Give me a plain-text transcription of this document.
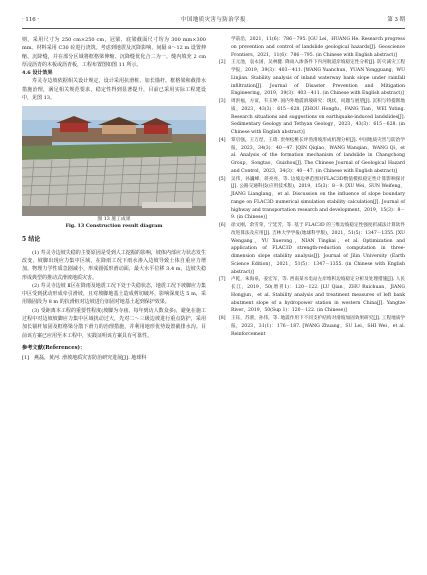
· 116 ·	中国地质灾害与防治学报	第 3 期

则，采用尺寸为 250 cm×250 cm，冠梁、底梁截面尺寸均为 300 mm×300 mm。材料采用 C30 砼进行浇筑。考虑到地震及沉降影响，间隔 8～12 m 设置伸缩、沉降缝，并在部分区域将框格梁伸缩、沉降缝优化合二为一，缝内填充 2 cm 厚浸沥青的木板或沥青板，工程布置图如图 11 所示。

4.6 设计效果

寿灵寺边坡依据相关设计规定，设计采用抗滑桩、加长锚杆、框格梁和截排水措施治理，满足相关规范要求，稳定性得到显著提升，目前已采用实际工程建设中，见图 13。

图 13 施工成果
Fig. 13 Construction result diagram

5 结论

(1) 寿灵寺边坡失稳的主要原因是受到人工挖掘的影响，坡体内部应力状态发生改变，坡脚出现应力集中区域，在降雨工况下雨水渗入边坡导致土体自重应力增加，物理力学性质急剧减小，形成圆弧形滑动面，最大水平位移 3.4 m，边坡失稳形成典型的推动式滑坡地质灾害。

(2) 寿灵寺边坡 Ⅱ区在降雨及地震工况下处于失稳状态，地震工况下坡脚应力集中区受到扰动形成牵引滑坡，且对坡脚地基土造成剪切破坏，影响深度达 5 m，采用锚固段为 8 m 的抗滑桩对边坡进行加固对地基土起到保护效果。

(3) 受距离本工程的重要性程度(坡脚为寺庙，每年到访人数众多)，避免在施工过程中对边坡坡脚应力集中区域扰动过大，先对二～三级边坡进行重点防护，采用加长锚杆加固及框格梁分散下滑力的治理措施，并利用地形优势设置截排水沟。目前该方案已应用至本工程中，实践证明该方案具有可靠性。

参考文献(References)：

[1] 燕磊，黄河. 滑坡地质灾害防治研究进展[J]. 地球科
学前沿，2021，11(6)：786－795. [GU Lei，HUANG He. Research progress on prevention and control of landslide geological hazards[J]. Geoscience Frontiers，2021，11(6)：786－795. (in Chinese with English abstract)]
[2]	王元池，袁永国，吴林健. 降雨入渗条件下内河航道岸坡稳定性分析[J]. 防灾减灾工程学报，2019，39(3)：403－411. [WANG Yuanchun，YUAN Yongguang，WU Linjian. Stability analysis of inland waterway bank slope under rainfall infiltration[J]. Journal of Disaster Prevention and Mitigation Engineering，2019，39(3)：403－411. (in Chinese with English abstract)]
[3]	周洪福，方谊，韦玉婷. 国内外地震滑坡研究：现状、问题与展望[J]. 沉积与特提斯地质，2023，43(3)：615－628. [ZHOU Hongfu，FANG Tian，WEI Yuting. Research situations and suggestions on earthquake-induced landslides[J]. Sedimentary Geology and Tethyan Geology，2023，43(3)：615－628. (in Chinese with English abstract)]
[4]	覃启强，王万涅，王琦. 贵州松桃长坪湾滑坡形成机理分析[J]. 中国地质灾害与防治学报，2023，34(3)：40－47. [QIN Qiqiao，WANG Wanqian，WANG Qi，et al. Analysis of the formation mechanism of landslide in Changchong Group，Songtao，Guizhou[J]. The Chinese Journal of Geological Hazard and Control，2023，34(3)：40－47. (in Chinese with English abstract)]
[5]	吴伟，孙巍峰，蒋亮亮，等. 边坡边界范围对FLAC3D数值模拟稳定性计算影响探讨[J]. 公路交通科技(应用技术版)，2019，15(3)：8－9. [XU Wei，SUN Weifeng，JIANG Lianglang，et al. Discussion on the influence of slope boundary range on FLAC3D numerical simulation stability calculation[J]. Journal of highway and transportation research and development，2019，15(3)：8－9. (in Chinese)]
[6]	徐文刚，余雪荣，宁廷芳，等. 基于 FLAC3D 的三维边坡稳定性强度折减法计算软件改进算法及应用[J]. 吉林大学学报(地球科学版)，2021，51(5)：1347－1355. [XU Wengang，YU Xuerong，NIAN Tingkai，et al. Optimization and application of FLAC3D strength-reduction computation in three-dimension slope stability analysis[J]. Journal of Jilin University (Earth Science Edition)，2021，51(5)：1347－1355. (in Chinese with English abstract)]
[7]	卢乾，朱海泉，姜宏军，等. 西南某水电站左岸堆积边坡稳定分析及处理措施[J]. 人民长江，2019，50(增刊1)：120－122. [LU Qian，ZHU Ruichuan，JIANG Hongjun，et al. Stability analysis and treatment measures of left bank abutment slope of a hydropower station in western China[J]. Yangtze River，2019，50(Sup 1)：120－122. (in Chinese)]
[8]	王钰，苏蕾，孙伟，等. 地震作用下不同支护结构对滑坡加固效果研究[J]. 工程地质学报，2023，31(1)：176－187. [WANG Zhuang，SU Lei，SHI Wei，et al. Reinforcement
